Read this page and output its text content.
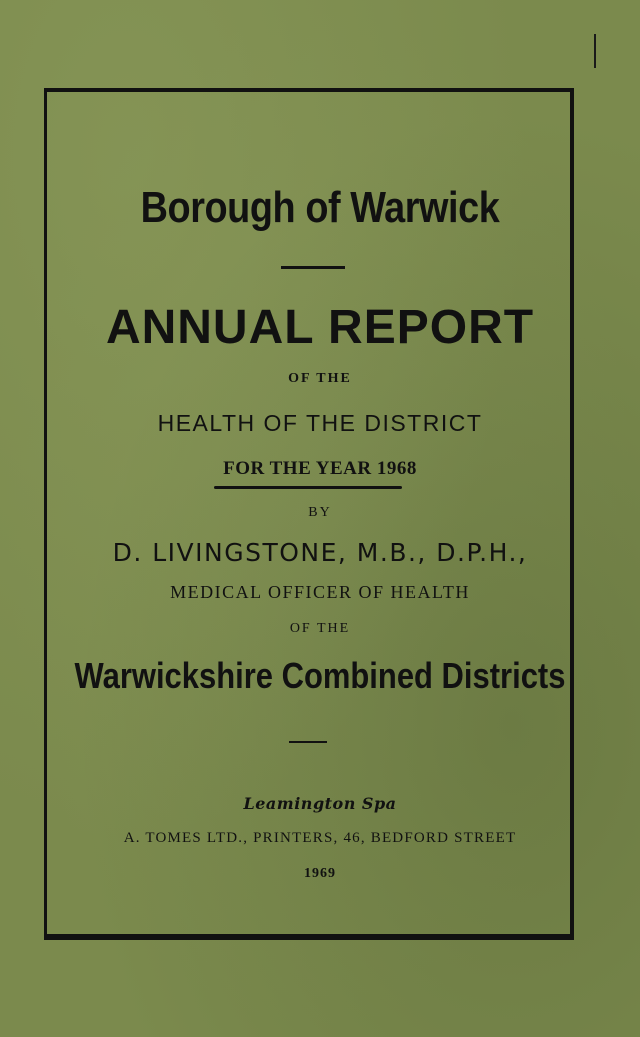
Borough of Warwick
ANNUAL REPORT
OF THE
HEALTH OF THE DISTRICT
FOR THE YEAR 1968
BY
D. LIVINGSTONE, M.B., D.P.H.,
MEDICAL OFFICER OF HEALTH
OF THE
Warwickshire Combined Districts
Leamington Spa
A. TOMES LTD., PRINTERS, 46, BEDFORD STREET
1969
